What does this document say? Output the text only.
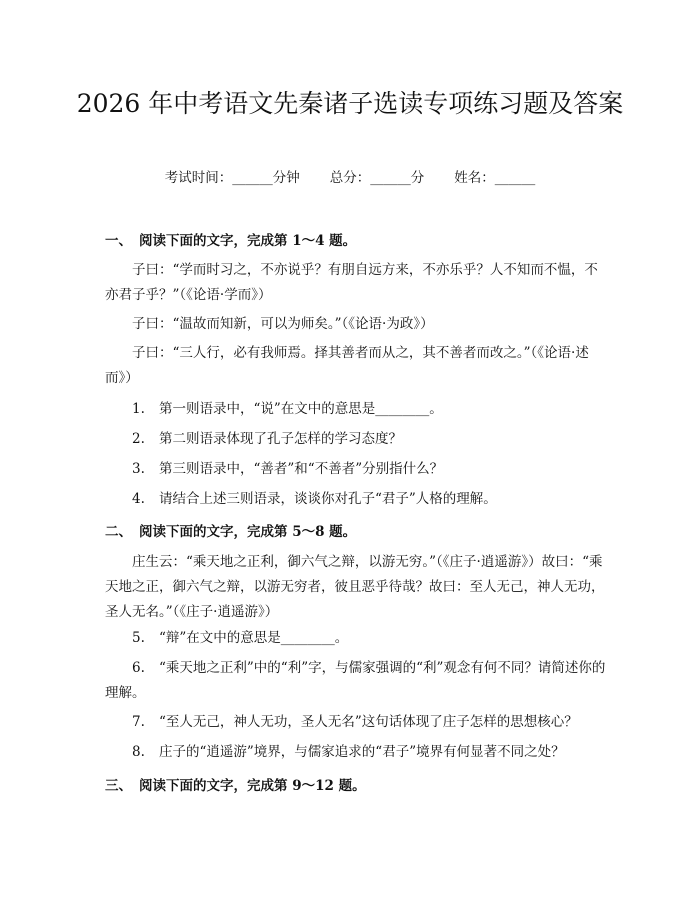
2026 年中考语文先秦诸子选读专项练习题及答案
考试时间：______分钟 总分：______分 姓名：______
一、 阅读下面的文字，完成第 1～4 题。

子曰：“学而时习之，不亦说乎？有朋自远方来，不亦乐乎？人不知而不愠，不亦君子乎？”（《论语·学而》）

子曰：“温故而知新，可以为师矣。”（《论语·为政》）

子曰：“三人行，必有我师焉。择其善者而从之，其不善者而改之。”（《论语·述而》）

1. 第一则语录中，“说”在文中的意思是________。

2. 第二则语录体现了孔子怎样的学习态度？

3. 第三则语录中，“善者”和“不善者”分别指什么？

4. 请结合上述三则语录，谈谈你对孔子“君子”人格的理解。

二、 阅读下面的文字，完成第 5～8 题。

庄生云：“乘天地之正利，御六气之辩，以游无穷。”（《庄子·逍遥游》）故曰：“乘天地之正，御六气之辩，以游无穷者，彼且恶乎待哉？故曰：至人无己，神人无功，圣人无名。”（《庄子·逍遥游》）

5. “辩”在文中的意思是________。

6. “乘天地之正利”中的“利”字，与儒家强调的“利”观念有何不同？请简述你的理解。

7. “至人无己，神人无功，圣人无名”这句话体现了庄子怎样的思想核心？

8. 庄子的“逍遥游”境界，与儒家追求的“君子”境界有何显著不同之处？

三、 阅读下面的文字，完成第 9～12 题。
